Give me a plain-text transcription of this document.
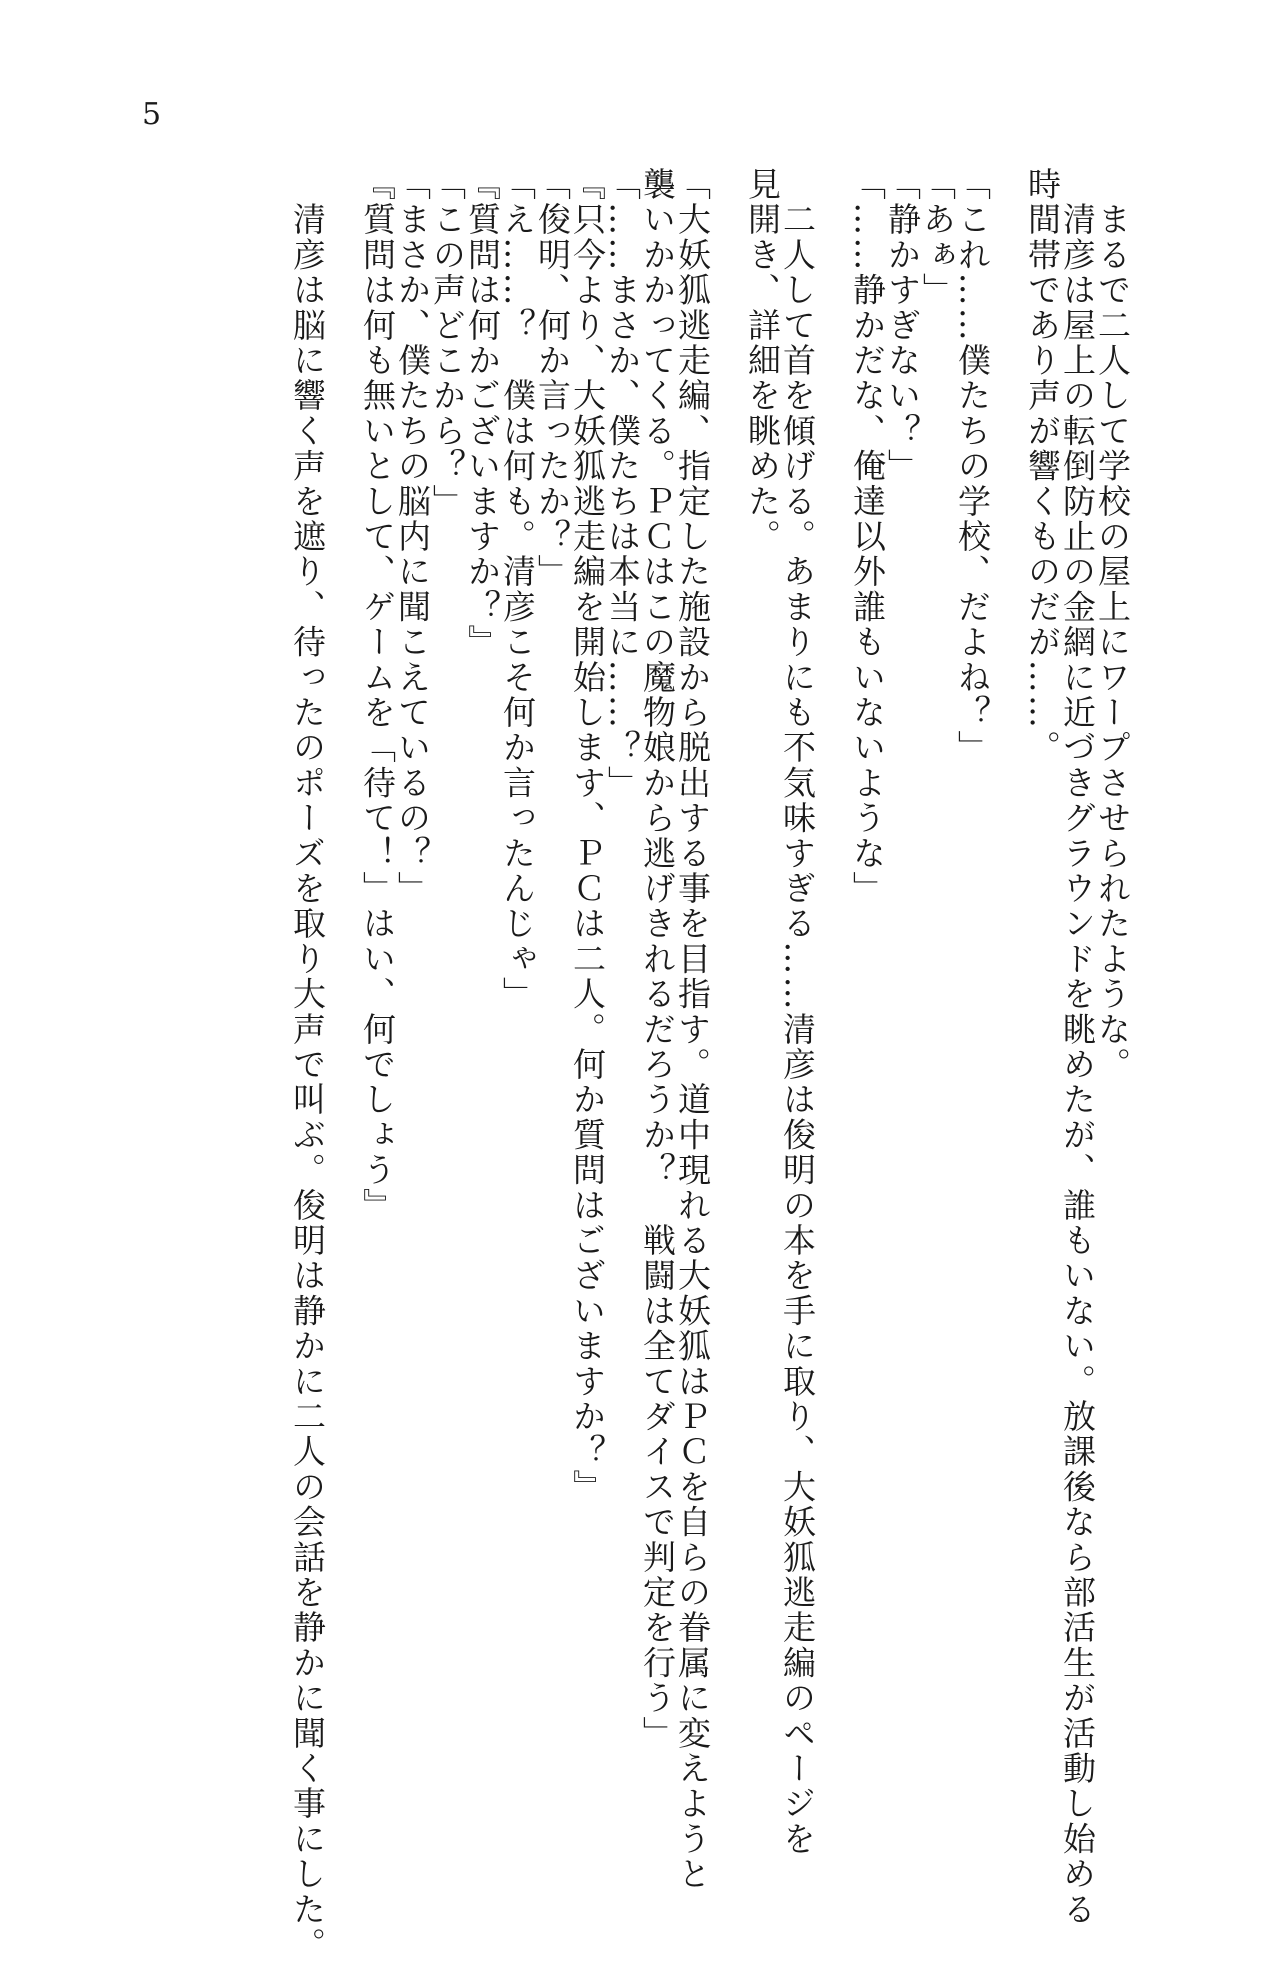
5
　まるで二人して学校の屋上にワープさせられたような。
　清彦は屋上の転倒防止の金網に近づきグラウンドを眺めたが、誰もいない。放課後なら部活生が活動し始める
時間帯であり声が響くものだが……。
「これ……僕たちの学校、だよね？」
「あぁ」
「静かすぎない？」
「……静かだな、俺達以外誰もいないような」
　二人して首を傾げる。あまりにも不気味すぎる……清彦は俊明の本を手に取り、大妖狐逃走編のページを
見開き、詳細を眺めた。
「大妖狐逃走編、指定した施設から脱出する事を目指す。道中現れる大妖狐はＰＣを自らの眷属に変えようと
襲いかかってくる。ＰＣはこの魔物娘から逃げきれるだろうか？　戦闘は全てダイスで判定を行う」
「……まさか、僕たちは本当に……？」
『只今より、大妖狐逃走編を開始します、ＰＣは二人。何か質問はございますか？』
「俊明、何か言ったか？」
「え……？　僕は何も。清彦こそ何か言ったんじゃ」
『質問は何かございますか？』
「この声どこから？」
「まさか、僕たちの脳内に聞こえているの？」
『質問は何も無いとして、ゲームを「待て！」はい、何でしょう』
　清彦は脳に響く声を遮り、待ったのポーズを取り大声で叫ぶ。俊明は静かに二人の会話を静かに聞く事にした。
